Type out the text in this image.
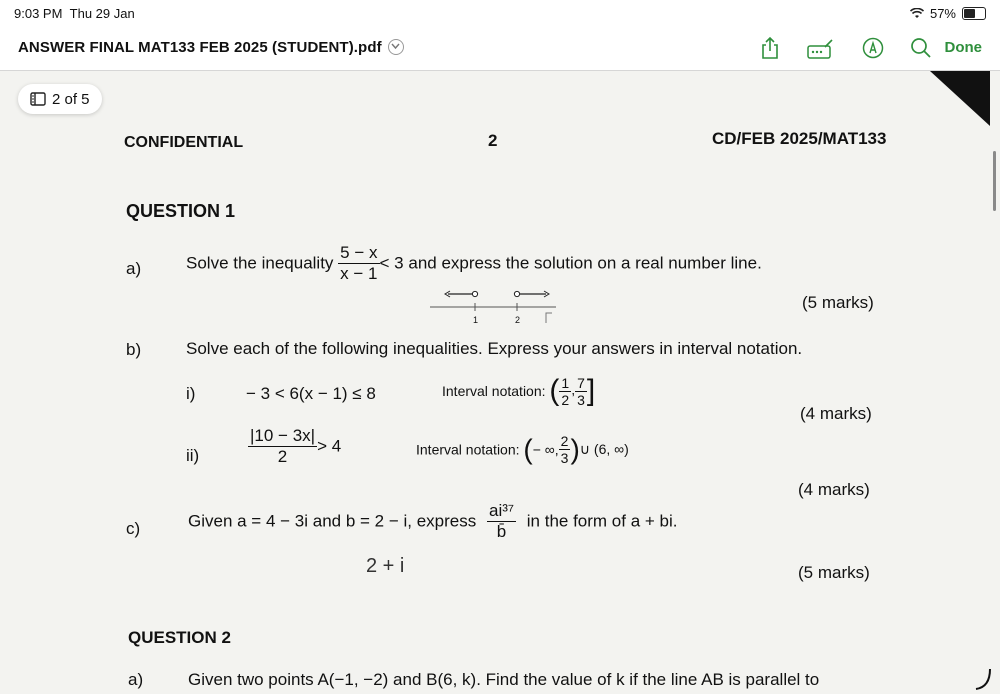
9:03 PM Thu 29 Jan	57%
ANSWER FINAL MAT133 FEB 2025 (STUDENT).pdf	Done
2 of 5
CONFIDENTIAL	2	CD/FEB 2025/MAT133
QUESTION 1
a)	Solve the inequality $\frac{5 - x}{x - 1} < 3$ and express the solution on a real number line.
1	2
(5 marks)
b)	Solve each of the following inequalities. Express your answers in interval notation.
i)	− 3 < 6(x − 1) ≤ 8	Interval notation: ( $\frac{1}{2}$ , $\frac{7}{3}$ ]
(4 marks)
ii)	$\frac{|10 - 3x|}{2} > 4$	Interval notation: (− ∞, $\frac{2}{3}$ )∪ (6, ∞)
(4 marks)
c)	Given a = 4 − 3i and b = 2 − i, express $\frac{\text{ai³⁷}}{b̄}$ in the form of a + bi.
2 + i	(5 marks)
QUESTION 2
a)	Given two points A(−1, −2) and B(6, k). Find the value of k if the line AB is parallel to
